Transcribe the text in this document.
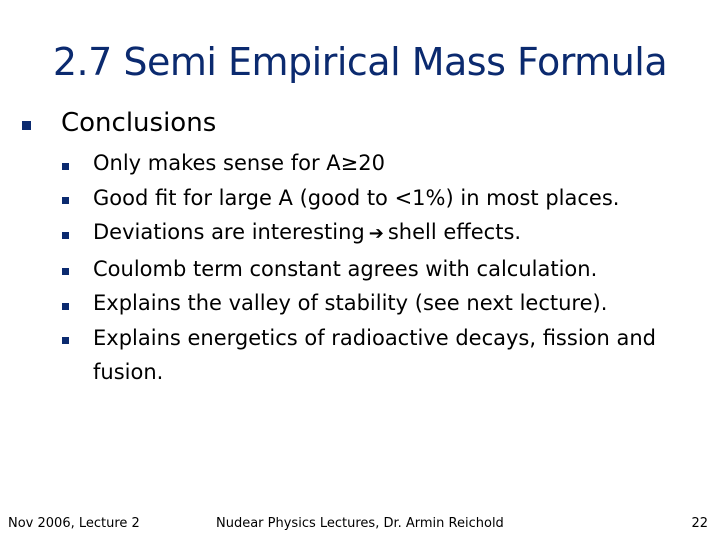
2.7 Semi Empirical Mass Formula
Conclusions
Only makes sense for A≥20
Good fit for large A (good to <1%) in most places.
Deviations are interesting ➔ shell effects.
Coulomb term constant agrees with calculation.
Explains the valley of stability (see next lecture).
Explains energetics of radioactive decays, fission and fusion.
Nov 2006, Lecture 2	Nudear Physics Lectures, Dr. Armin Reichold	22
